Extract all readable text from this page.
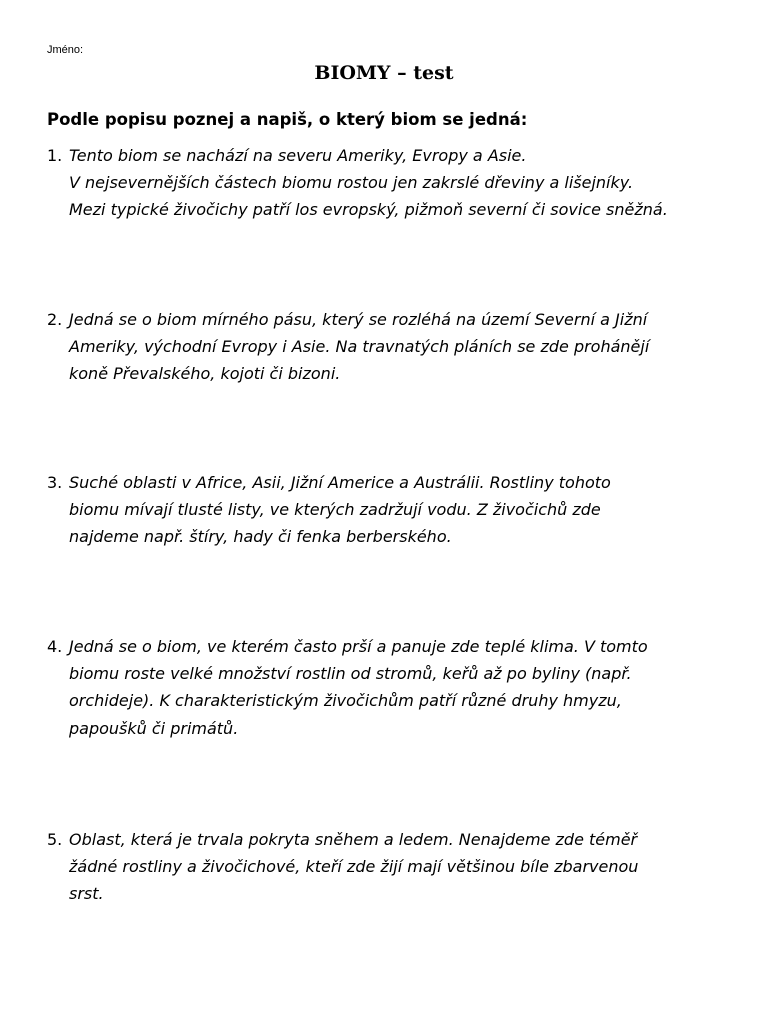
Jméno:
BIOMY – test
Podle popisu poznej a napiš, o který biom se jedná:
1. Tento biom se nachází na severu Ameriky, Evropy a Asie.
V nejsevernějších částech biomu rostou jen zakrslé dřeviny a lišejníky.
Mezi typické živočichy patří los evropský, pižmoň severní či sovice sněžná.
2. Jedná se o biom mírného pásu, který se rozléhá na území Severní a Jižní
Ameriky, východní Evropy i Asie. Na travnatých pláních se zde prohánějí
koně Převalského, kojoti či bizoni.
3. Suché oblasti v Africe, Asii, Jižní Americe a Austrálii. Rostliny tohoto
biomu mívají tlusté listy, ve kterých zadržují vodu. Z živočichů zde
najdeme např. štíry, hady či fenka berberského.
4. Jedná se o biom, ve kterém často prší a panuje zde teplé klima. V tomto
biomu roste velké množství rostlin od stromů, keřů až po byliny (např.
orchideje). K charakteristickým živočichům patří různé druhy hmyzu,
papoušků či primátů.
5. Oblast, která je trvala pokryta sněhem a ledem. Nenajdeme zde téměř
žádné rostliny a živočichové, kteří zde žijí mají většinou bíle zbarvenou
srst.
